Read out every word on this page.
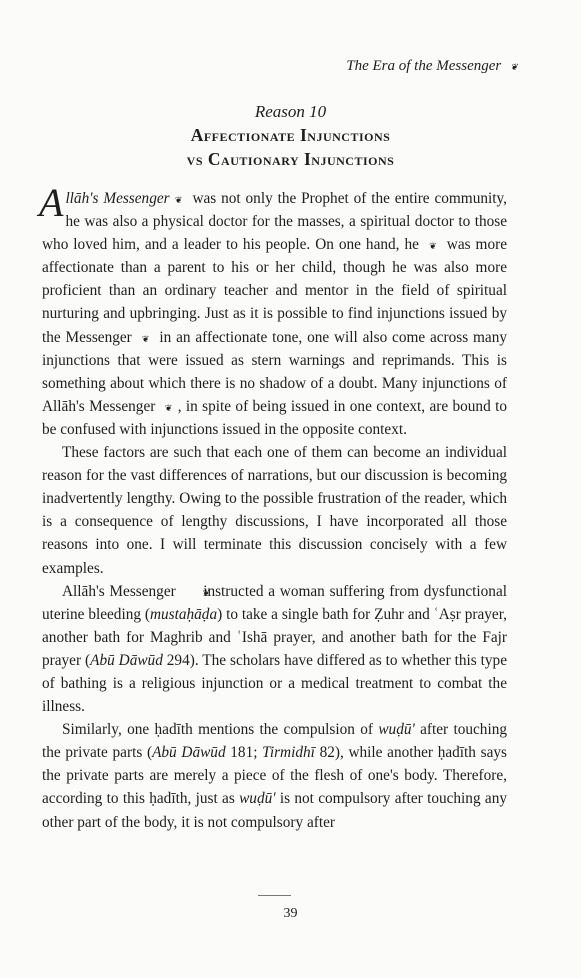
The Era of the Messenger ❦
Reason 10
Affectionate Injunctions
vs Cautionary Injunctions

Allāh's Messenger❦ was not only the Prophet of the entire community, he was also a physical doctor for the masses, a spiritual doctor to those who loved him, and a leader to his people. On one hand, he ❦ was more affectionate than a parent to his or her child, though he was also more proficient than an ordinary teacher and mentor in the field of spiritual nurturing and upbringing. Just as it is possible to find injunctions issued by the Messenger ❦ in an affectionate tone, one will also come across many injunctions that were issued as stern warnings and reprimands. This is something about which there is no shadow of a doubt. Many injunctions of Allāh's Messenger ❦, in spite of being issued in one context, are bound to be confused with injunctions issued in the opposite context.

These factors are such that each one of them can become an individual reason for the vast differences of narrations, but our discussion is becoming inadvertently lengthy. Owing to the possible frustration of the reader, which is a consequence of lengthy discussions, I have incorporated all those reasons into one. I will terminate this discussion concisely with a few examples.

Allāh's Messenger ❦ instructed a woman suffering from dysfunctional uterine bleeding (mustaḥāḍa) to take a single bath for Ẓuhr and ʿAṣr prayer, another bath for Maghrib and ʿIshā prayer, and another bath for the Fajr prayer (Abū Dāwūd 294). The scholars have differed as to whether this type of bathing is a religious injunction or a medical treatment to combat the illness.

Similarly, one ḥadīth mentions the compulsion of wuḍū' after touching the private parts (Abū Dāwūd 181; Tirmidhī 82), while another ḥadīth says the private parts are merely a piece of the flesh of one's body. Therefore, according to this ḥadīth, just as wuḍū' is not compulsory after touching any other part of the body, it is not compulsory after

39
